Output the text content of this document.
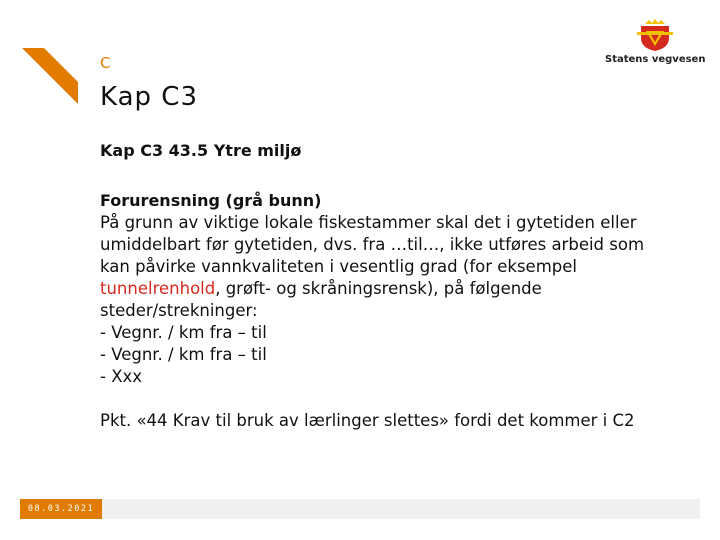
C
Kap C3
Statens vegvesen

Kap C3 43.5 Ytre miljø

Forurensning (grå bunn)

På grunn av viktige lokale fiskestammer skal det i gytetiden eller umiddelbart før gytetiden, dvs. fra …til…, ikke utføres arbeid som kan påvirke vannkvaliteten i vesentlig grad (for eksempel tunnelrenhold, grøft- og skråningsrensk), på følgende steder/strekninger:

- Vegnr. / km fra – til
- Vegnr. / km fra – til
- Xxx

Pkt. «44 Krav til bruk av lærlinger slettes» fordi det kommer i C2

08.03.2021
